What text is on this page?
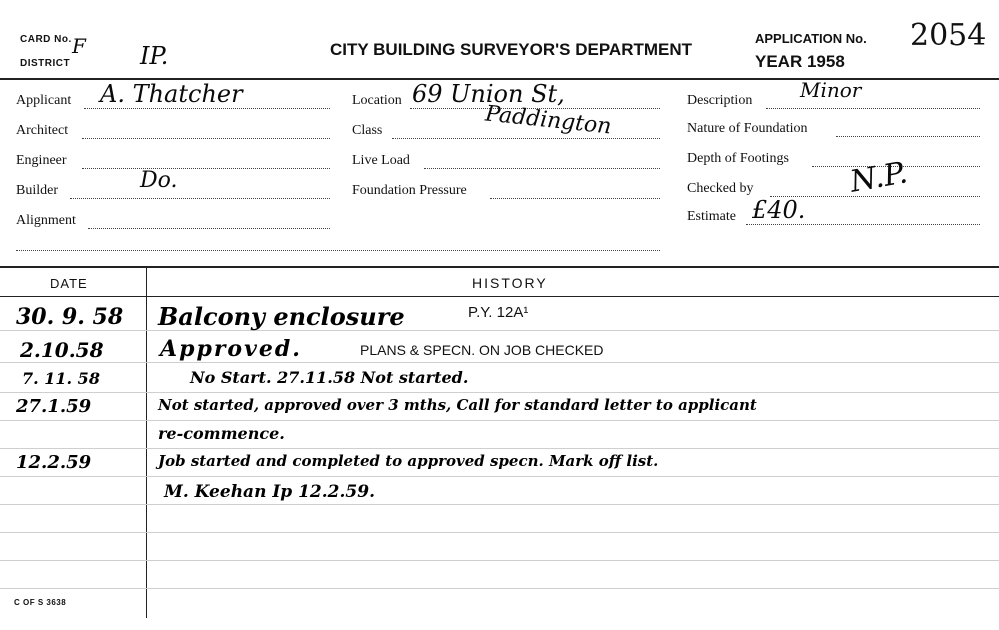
CARD No. F
DISTRICT	IP.	CITY BUILDING SURVEYOR'S DEPARTMENT
APPLICATION No. 2054
YEAR 1958
Applicant A. Thatcher
Architect
Engineer
Builder	Do.
Alignment
Location 69 Union St,
Class	Paddington
Live Load
Foundation Pressure
Description Minor
Nature of Foundation
Depth of Footings
Checked by	N.P.
Estimate £40.
DATE	HISTORY
30. 9. 58 Balcony enclosure	P.Y. 12A¹
2.10.58	Approved.	PLANS & SPECN. ON JOB CHECKED
7. 11. 58	No Start. 27.11.58 Not started.
27.1.59	Not started, approved over 3 mths, Call for standard letter to applicant
re-commence.
12.2.59	Job started and completed to approved specn. Mark off list.
M. Keehan Ip 12.2.59.
C OF S 3638
